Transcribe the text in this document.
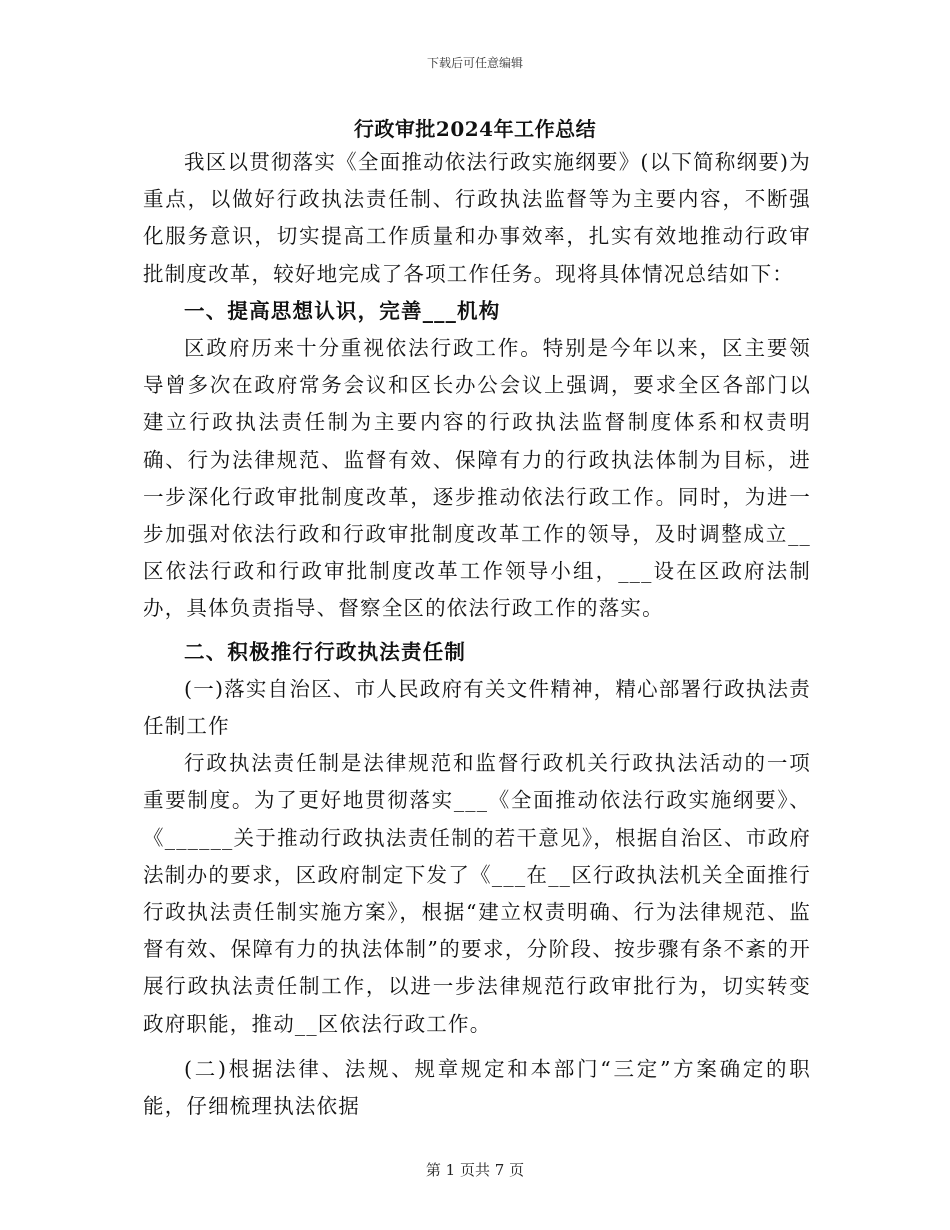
下载后可任意编辑
行政审批2024年工作总结

我区以贯彻落实《全面推动依法行政实施纲要》(以下简称纲要)为重点，以做好行政执法责任制、行政执法监督等为主要内容，不断强化服务意识，切实提高工作质量和办事效率，扎实有效地推动行政审批制度改革，较好地完成了各项工作任务。现将具体情况总结如下：

一、提高思想认识，完善___机构

区政府历来十分重视依法行政工作。特别是今年以来，区主要领导曾多次在政府常务会议和区长办公会议上强调，要求全区各部门以建立行政执法责任制为主要内容的行政执法监督制度体系和权责明确、行为法律规范、监督有效、保障有力的行政执法体制为目标，进一步深化行政审批制度改革，逐步推动依法行政工作。同时，为进一步加强对依法行政和行政审批制度改革工作的领导，及时调整成立__区依法行政和行政审批制度改革工作领导小组，___设在区政府法制办，具体负责指导、督察全区的依法行政工作的落实。

二、积极推行行政执法责任制

(一)落实自治区、市人民政府有关文件精神，精心部署行政执法责任制工作

行政执法责任制是法律规范和监督行政机关行政执法活动的一项重要制度。为了更好地贯彻落实___《全面推动依法行政实施纲要》、《______关于推动行政执法责任制的若干意见》，根据自治区、市政府法制办的要求，区政府制定下发了《___在__区行政执法机关全面推行行政执法责任制实施方案》，根据“建立权责明确、行为法律规范、监督有效、保障有力的执法体制”的要求，分阶段、按步骤有条不紊的开展行政执法责任制工作，以进一步法律规范行政审批行为，切实转变政府职能，推动__区依法行政工作。

(二)根据法律、法规、规章规定和本部门“三定”方案确定的职能，仔细梳理执法依据

第 1 页共 7 页
